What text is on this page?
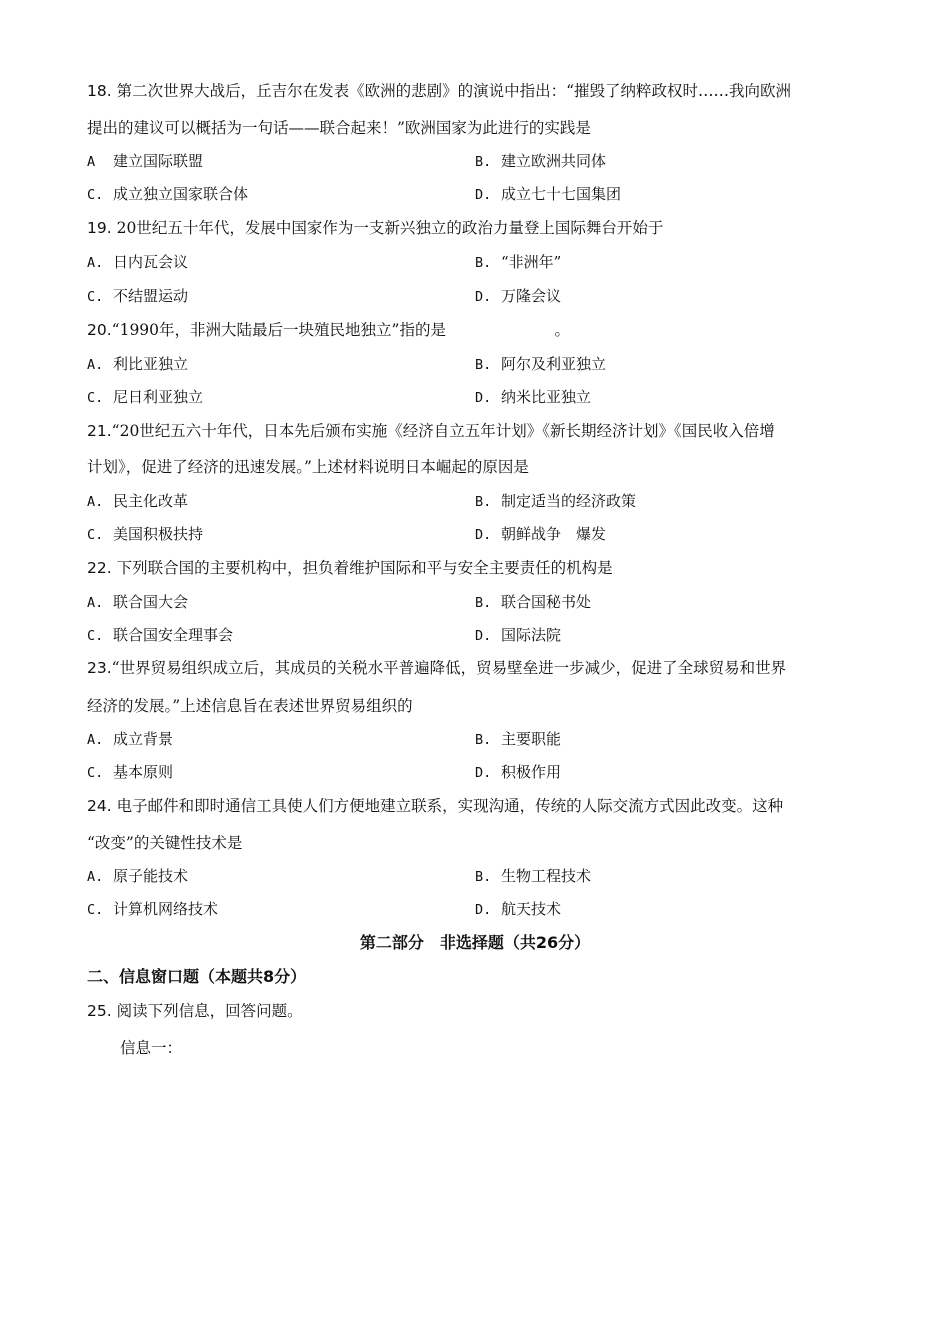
18. 第二次世界大战后，丘吉尔在发表《欧洲的悲剧》的演说中指出：“摧毁了纳粹政权时……我向欧洲
提出的建议可以概括为一句话——联合起来！”欧洲国家为此进行的实践是
A 建立国际联盟	B. 建立欧洲共同体
C. 成立独立国家联合体	D. 成立七十七国集团
19. 20世纪五十年代，发展中国家作为一支新兴独立的政治力量登上国际舞台开始于
A. 日内瓦会议	B. “非洲年”
C. 不结盟运动	D. 万隆会议
20.“1990年，非洲大陆最后一块殖民地独立”指的是　　　　　　　。
A. 利比亚独立	B. 阿尔及利亚独立
C. 尼日利亚独立	D. 纳米比亚独立
21.“20世纪五六十年代，日本先后颁布实施《经济自立五年计划》《新长期经济计划》《国民收入倍增
计划》，促进了经济的迅速发展。”上述材料说明日本崛起的原因是
A. 民主化改革	B. 制定适当的经济政策
C. 美国积极扶持	D. 朝鲜战争　爆发
22. 下列联合国的主要机构中，担负着维护国际和平与安全主要责任的机构是
A. 联合国大会	B. 联合国秘书处
C. 联合国安全理事会	D. 国际法院
23.“世界贸易组织成立后，其成员的关税水平普遍降低，贸易壁垒进一步减少，促进了全球贸易和世界
经济的发展。”上述信息旨在表述世界贸易组织的
A. 成立背景	B. 主要职能
C. 基本原则	D. 积极作用
24. 电子邮件和即时通信工具使人们方便地建立联系，实现沟通，传统的人际交流方式因此改变。这种
“改变”的关键性技术是
A. 原子能技术	B. 生物工程技术
C. 计算机网络技术	D. 航天技术
第二部分　非选择题（共26分）
二、信息窗口题（本题共8分）
25. 阅读下列信息，回答问题。
信息一：
